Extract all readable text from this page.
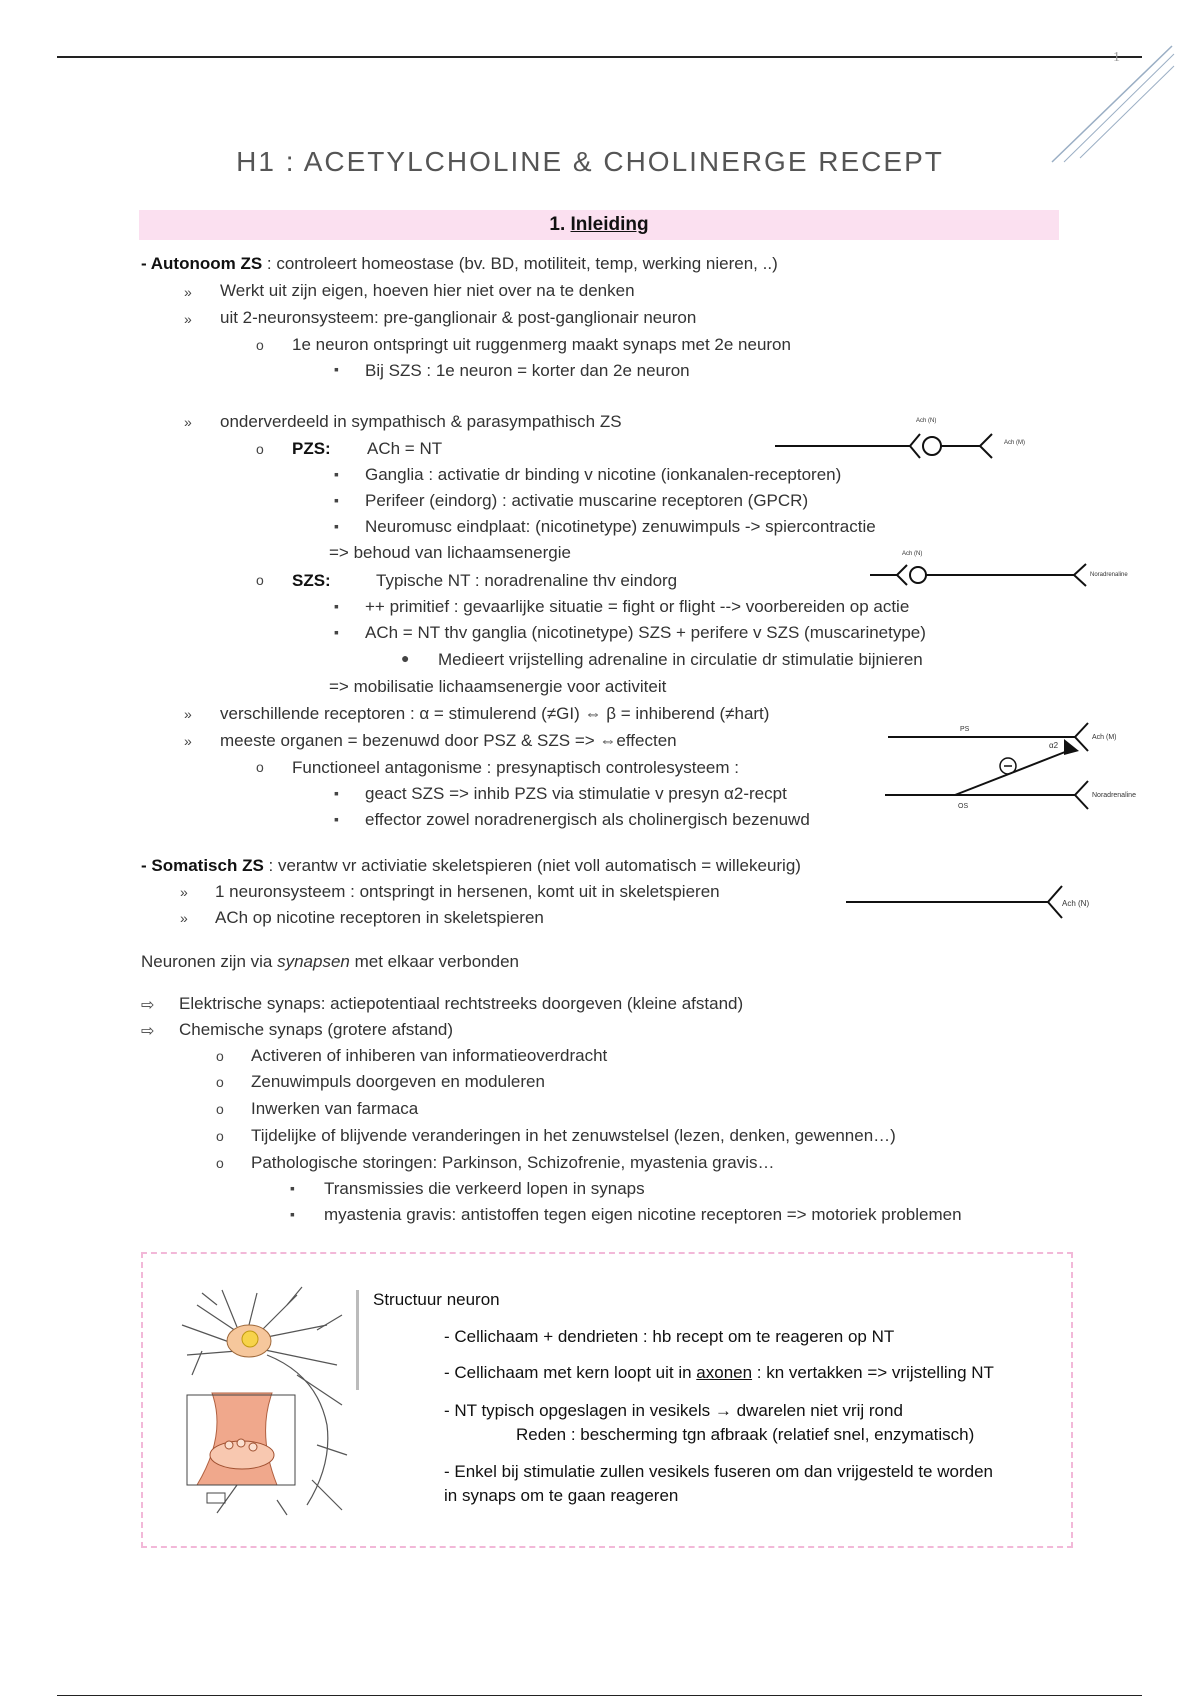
1
H1 : ACETYLCHOLINE & CHOLINERGE RECEPT
1. Inleiding
- Autonoom ZS : controleert homeostase (bv. BD, motiliteit, temp, werking nieren, ..)
» Werkt uit zijn eigen, hoeven hier niet over na te denken
» uit 2-neuronsysteem: pre-ganglionair & post-ganglionair neuron
o 1e neuron ontspringt uit ruggenmerg maakt synaps met 2e neuron
▪ Bij SZS : 1e neuron = korter dan 2e neuron
» onderverdeeld in sympathisch & parasympathisch ZS
o PZS: ACh = NT
▪ Ganglia : activatie dr binding v nicotine (ionkanalen-receptoren)
▪ Perifeer (eindorg) : activatie muscarine receptoren (GPCR)
▪ Neuromusc eindplaat: (nicotinetype) zenuwimpuls -> spiercontractie
=> behoud van lichaamsenergie
o SZS:	Typische NT : noradrenaline thv eindorg
▪ ++ primitief : gevaarlijke situatie = fight or flight --> voorbereiden op actie
▪ ACh = NT thv ganglia (nicotinetype) SZS + perifere v SZS (muscarinetype)
● Medieert vrijstelling adrenaline in circulatie dr stimulatie bijnieren
=> mobilisatie lichaamsenergie voor activiteit
» verschillende receptoren : α = stimulerend (≠GI) ⇔ β = inhiberend (≠hart)
» meeste organen = bezenuwd door PSZ & SZS => ⇔effecten
o Functioneel antagonisme : presynaptisch controlesysteem :
▪ geact SZS => inhib PZS via stimulatie v presyn α2-recpt
▪ effector zowel noradrenergisch als cholinergisch bezenuwd
- Somatisch ZS : verantw vr activiatie skeletspieren (niet voll automatisch = willekeurig)
» 1 neuronsysteem : ontspringt in hersenen, komt uit in skeletspieren
» ACh op nicotine receptoren in skeletspieren
Neuronen zijn via synapsen met elkaar verbonden
⇨ Elektrische synaps: actiepotentiaal rechtstreeks doorgeven (kleine afstand)
⇨ Chemische synaps (grotere afstand)
o Activeren of inhiberen van informatieoverdracht
o Zenuwimpuls doorgeven en moduleren
o Inwerken van farmaca
o Tijdelijke of blijvende veranderingen in het zenuwstelsel (lezen, denken, gewennen…)
o Pathologische storingen: Parkinson, Schizofrenie, myastenia gravis…
▪ Transmissies die verkeerd lopen in synaps
▪ myastenia gravis: antistoffen tegen eigen nicotine receptoren => motoriek problemen
Ach (N)
Ach (M)
Ach (N)
Noradrenaline
PS
OS
α2
Ach (M)
Noradrenaline
Ach (N)
Structuur neuron
- Cellichaam + dendrieten : hb recept om te reageren op NT
- Cellichaam met kern loopt uit in axonen : kn vertakken => vrijstelling NT
- NT typisch opgeslagen in vesikels → dwarelen niet vrij rond
Reden : bescherming tgn afbraak (relatief snel, enzymatisch)
- Enkel bij stimulatie zullen vesikels fuseren om dan vrijgesteld te worden
in synaps om te gaan reageren
